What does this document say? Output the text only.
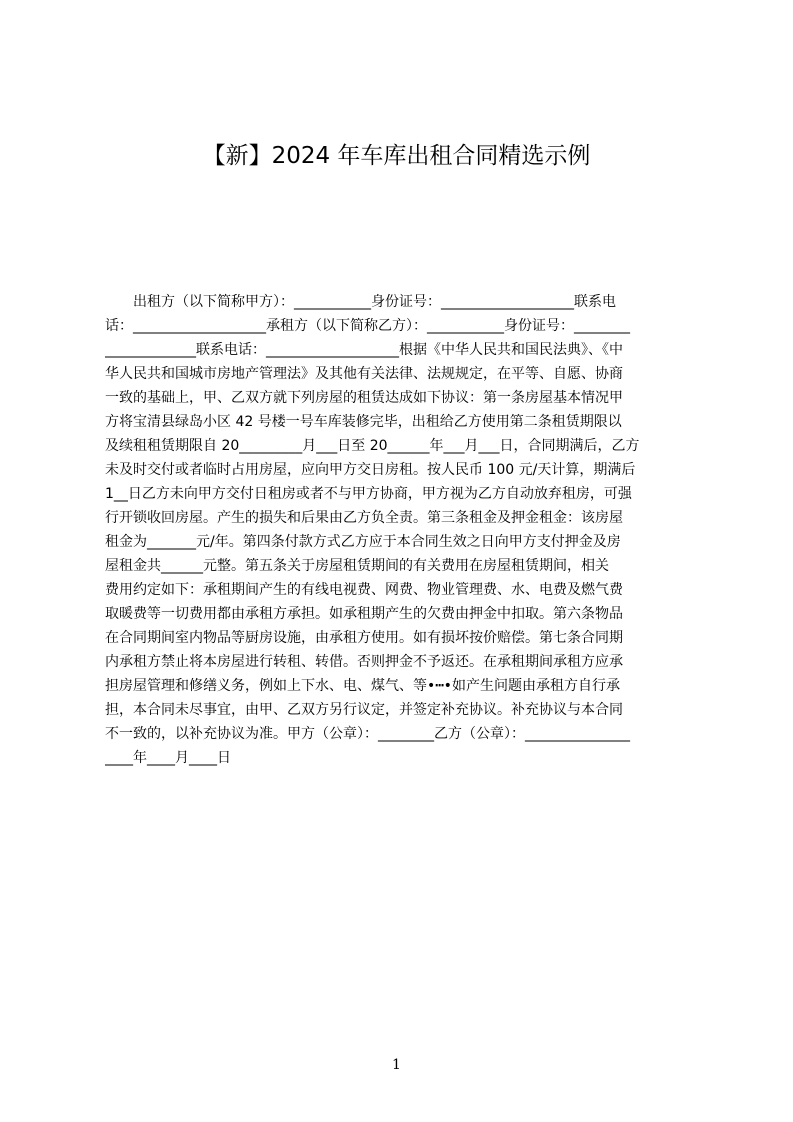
【新】2024 年车库出租合同精选示例

　　出租方（以下简称甲方）：___________身份证号：___________________联系电

话：___________________承租方（以下简称乙方）：___________身份证号：________

_____________联系电话：___________________根据《中华人民共和国民法典》、《中

华人民共和国城市房地产管理法》及其他有关法律、法规规定，在平等、自愿、协商

一致的基础上，甲、乙双方就下列房屋的租赁达成如下协议：第一条房屋基本情况甲

方将宝清县绿岛小区 42 号楼一号车库装修完毕，出租给乙方使用第二条租赁期限以

及续租租赁期限自 20_________月___日至 20______年___月___日，合同期满后，乙方

未及时交付或者临时占用房屋，应向甲方交日房租。按人民币 100 元/天计算，期满后

1__日乙方未向甲方交付日租房或者不与甲方协商，甲方视为乙方自动放弃租房，可强

行开锁收回房屋。产生的损失和后果由乙方负全责。第三条租金及押金租金：该房屋

租金为_______元/年。第四条付款方式乙方应于本合同生效之日向甲方支付押金及房

屋租金共______元整。第五条关于房屋租赁期间的有关费用在房屋租赁期间，相关

费用约定如下：承租期间产生的有线电视费、网费、物业管理费、水、电费及燃气费

取暖费等一切费用都由承租方承担。如承租期产生的欠费由押金中扣取。第六条物品

在合同期间室内物品等厨房设施，由承租方使用。如有损坏按价赔偿。第七条合同期

内承租方禁止将本房屋进行转租、转借。否则押金不予返还。在承租期间承租方应承

担房屋管理和修缮义务，例如上下水、电、煤气、等•┅•如产生问题由承租方自行承

担，本合同未尽事宜，由甲、乙双方另行议定，并签定补充协议。补充协议与本合同

不一致的，以补充协议为准。甲方（公章）：________乙方（公章）：_______________

____年____月____日

1
